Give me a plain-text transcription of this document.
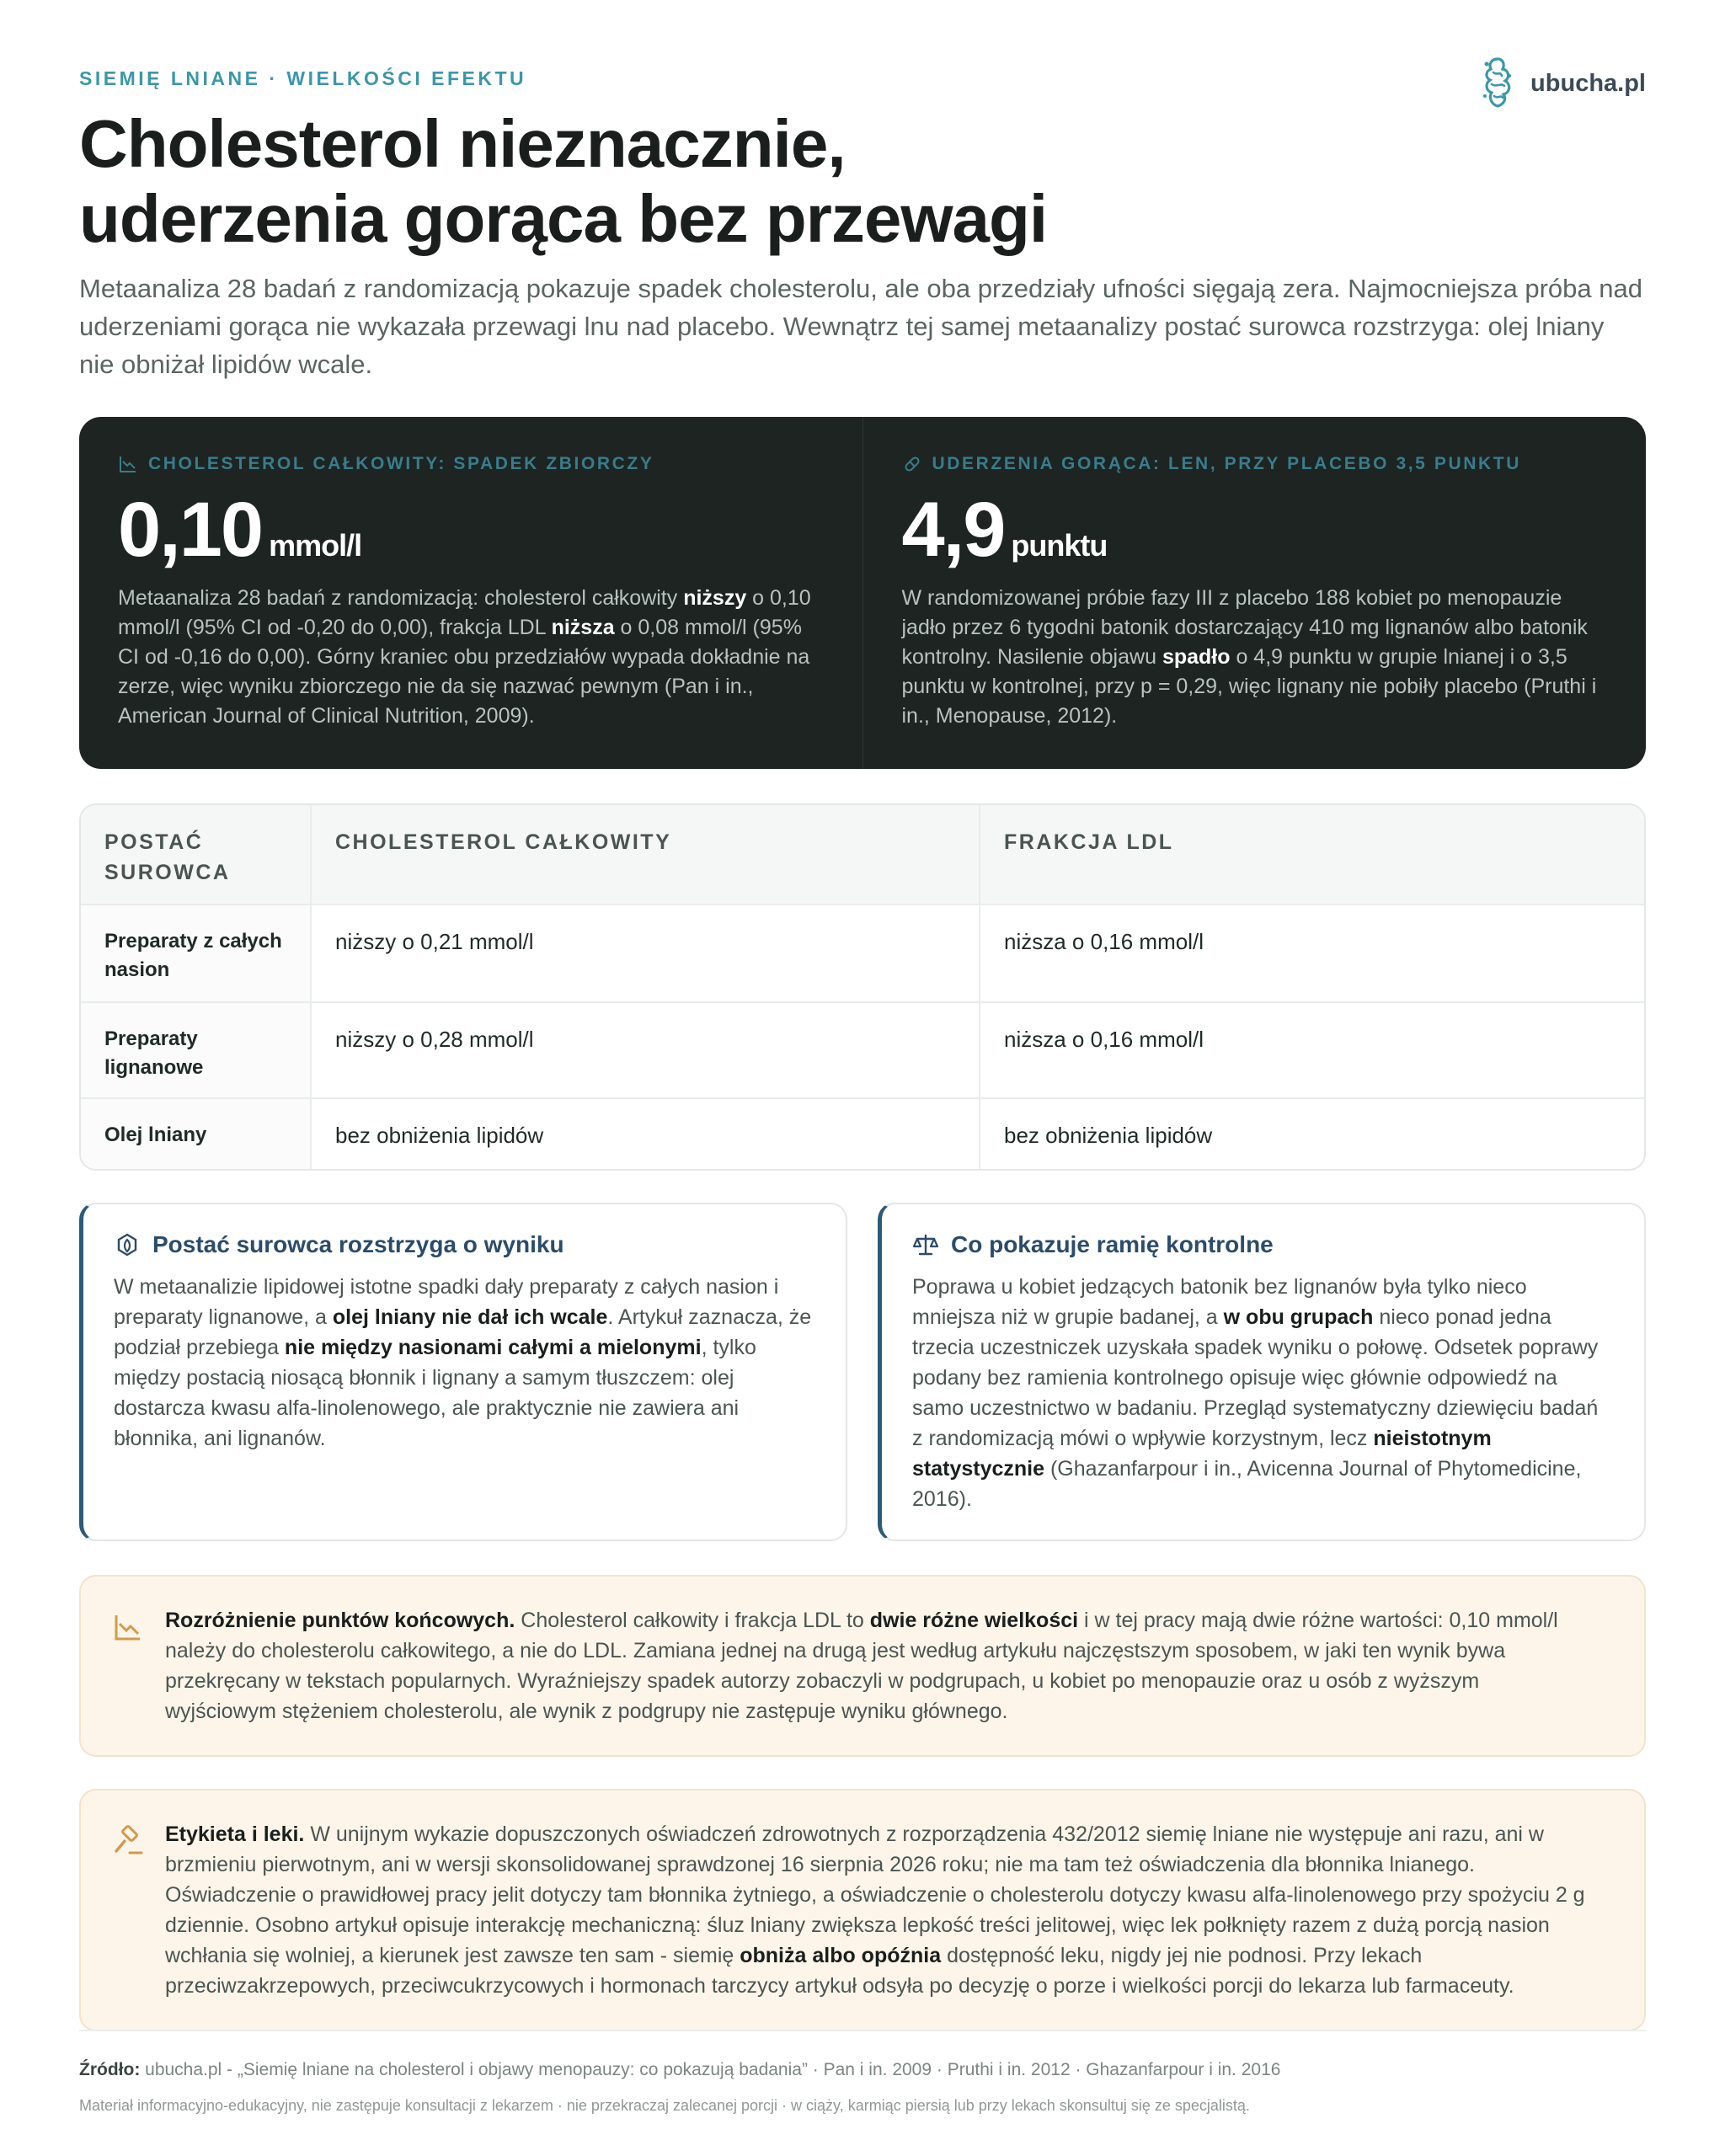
SIEMIĘ LNIANE · WIELKOŚCI EFEKTU	ubucha.pl
Cholesterol nieznacznie,
uderzenia gorąca bez przewagi

Metaanaliza 28 badań z randomizacją pokazuje spadek cholesterolu, ale oba przedziały ufności sięgają zera. Najmocniejsza próba nad uderzeniami gorąca nie wykazała przewagi lnu nad placebo. Wewnątrz tej samej metaanalizy postać surowca rozstrzyga: olej lniany nie obniżał lipidów wcale.

CHOLESTEROL CAŁKOWITY: SPADEK ZBIORCZY
0,10 mmol/l

Metaanaliza 28 badań z randomizacją: cholesterol całkowity niższy o 0,10 mmol/l (95% CI od -0,20 do 0,00), frakcja LDL niższa o 0,08 mmol/l (95% CI od -0,16 do 0,00). Górny kraniec obu przedziałów wypada dokładnie na zerze, więc wyniku zbiorczego nie da się nazwać pewnym (Pan i in., American Journal of Clinical Nutrition, 2009).

UDERZENIA GORĄCA: LEN, PRZY PLACEBO 3,5 PUNKTU
4,9 punktu

W randomizowanej próbie fazy III z placebo 188 kobiet po menopauzie jadło przez 6 tygodni batonik dostarczający 410 mg lignanów albo batonik kontrolny. Nasilenie objawu spadło o 4,9 punktu w grupie lnianej i o 3,5 punktu w kontrolnej, przy p = 0,29, więc lignany nie pobiły placebo (Pruthi i in., Menopause, 2012).

POSTAĆ SUROWCA	CHOLESTEROL CAŁKOWITY	FRAKCJA LDL
Preparaty z całych nasion	niższy o 0,21 mmol/l	niższa o 0,16 mmol/l
Preparaty lignanowe	niższy o 0,28 mmol/l	niższa o 0,16 mmol/l
Olej lniany	bez obniżenia lipidów	bez obniżenia lipidów
Postać surowca rozstrzyga o wyniku

W metaanalizie lipidowej istotne spadki dały preparaty z całych nasion i preparaty lignanowe, a olej lniany nie dał ich wcale. Artykuł zaznacza, że podział przebiega nie między nasionami całymi a mielonymi, tylko między postacią niosącą błonnik i lignany a samym tłuszczem: olej dostarcza kwasu alfa-linolenowego, ale praktycznie nie zawiera ani błonnika, ani lignanów.

Co pokazuje ramię kontrolne

Poprawa u kobiet jedzących batonik bez lignanów była tylko nieco mniejsza niż w grupie badanej, a w obu grupach nieco ponad jedna trzecia uczestniczek uzyskała spadek wyniku o połowę. Odsetek poprawy podany bez ramienia kontrolnego opisuje więc głównie odpowiedź na samo uczestnictwo w badaniu. Przegląd systematyczny dziewięciu badań z randomizacją mówi o wpływie korzystnym, lecz nieistotnym statystycznie (Ghazanfarpour i in., Avicenna Journal of Phytomedicine, 2016).

Rozróżnienie punktów końcowych. Cholesterol całkowity i frakcja LDL to dwie różne wielkości i w tej pracy mają dwie różne wartości: 0,10 mmol/l należy do cholesterolu całkowitego, a nie do LDL. Zamiana jednej na drugą jest według artykułu najczęstszym sposobem, w jaki ten wynik bywa przekręcany w tekstach popularnych. Wyraźniejszy spadek autorzy zobaczyli w podgrupach, u kobiet po menopauzie oraz u osób z wyższym wyjściowym stężeniem cholesterolu, ale wynik z podgrupy nie zastępuje wyniku głównego.

Etykieta i leki. W unijnym wykazie dopuszczonych oświadczeń zdrowotnych z rozporządzenia 432/2012 siemię lniane nie występuje ani razu, ani w brzmieniu pierwotnym, ani w wersji skonsolidowanej sprawdzonej 16 sierpnia 2026 roku; nie ma tam też oświadczenia dla błonnika lnianego. Oświadczenie o prawidłowej pracy jelit dotyczy tam błonnika żytniego, a oświadczenie o cholesterolu dotyczy kwasu alfa-linolenowego przy spożyciu 2 g dziennie. Osobno artykuł opisuje interakcję mechaniczną: śluz lniany zwiększa lepkość treści jelitowej, więc lek połknięty razem z dużą porcją nasion wchłania się wolniej, a kierunek jest zawsze ten sam - siemię obniża albo opóźnia dostępność leku, nigdy jej nie podnosi. Przy lekach przeciwzakrzepowych, przeciwcukrzycowych i hormonach tarczycy artykuł odsyła po decyzję o porze i wielkości porcji do lekarza lub farmaceuty.

Źródło: ubucha.pl - „Siemię lniane na cholesterol i objawy menopauzy: co pokazują badania” · Pan i in. 2009 · Pruthi i in. 2012 · Ghazanfarpour i in. 2016

Materiał informacyjno-edukacyjny, nie zastępuje konsultacji z lekarzem · nie przekraczaj zalecanej porcji · w ciąży, karmiąc piersią lub przy lekach skonsultuj się ze specjalistą.
